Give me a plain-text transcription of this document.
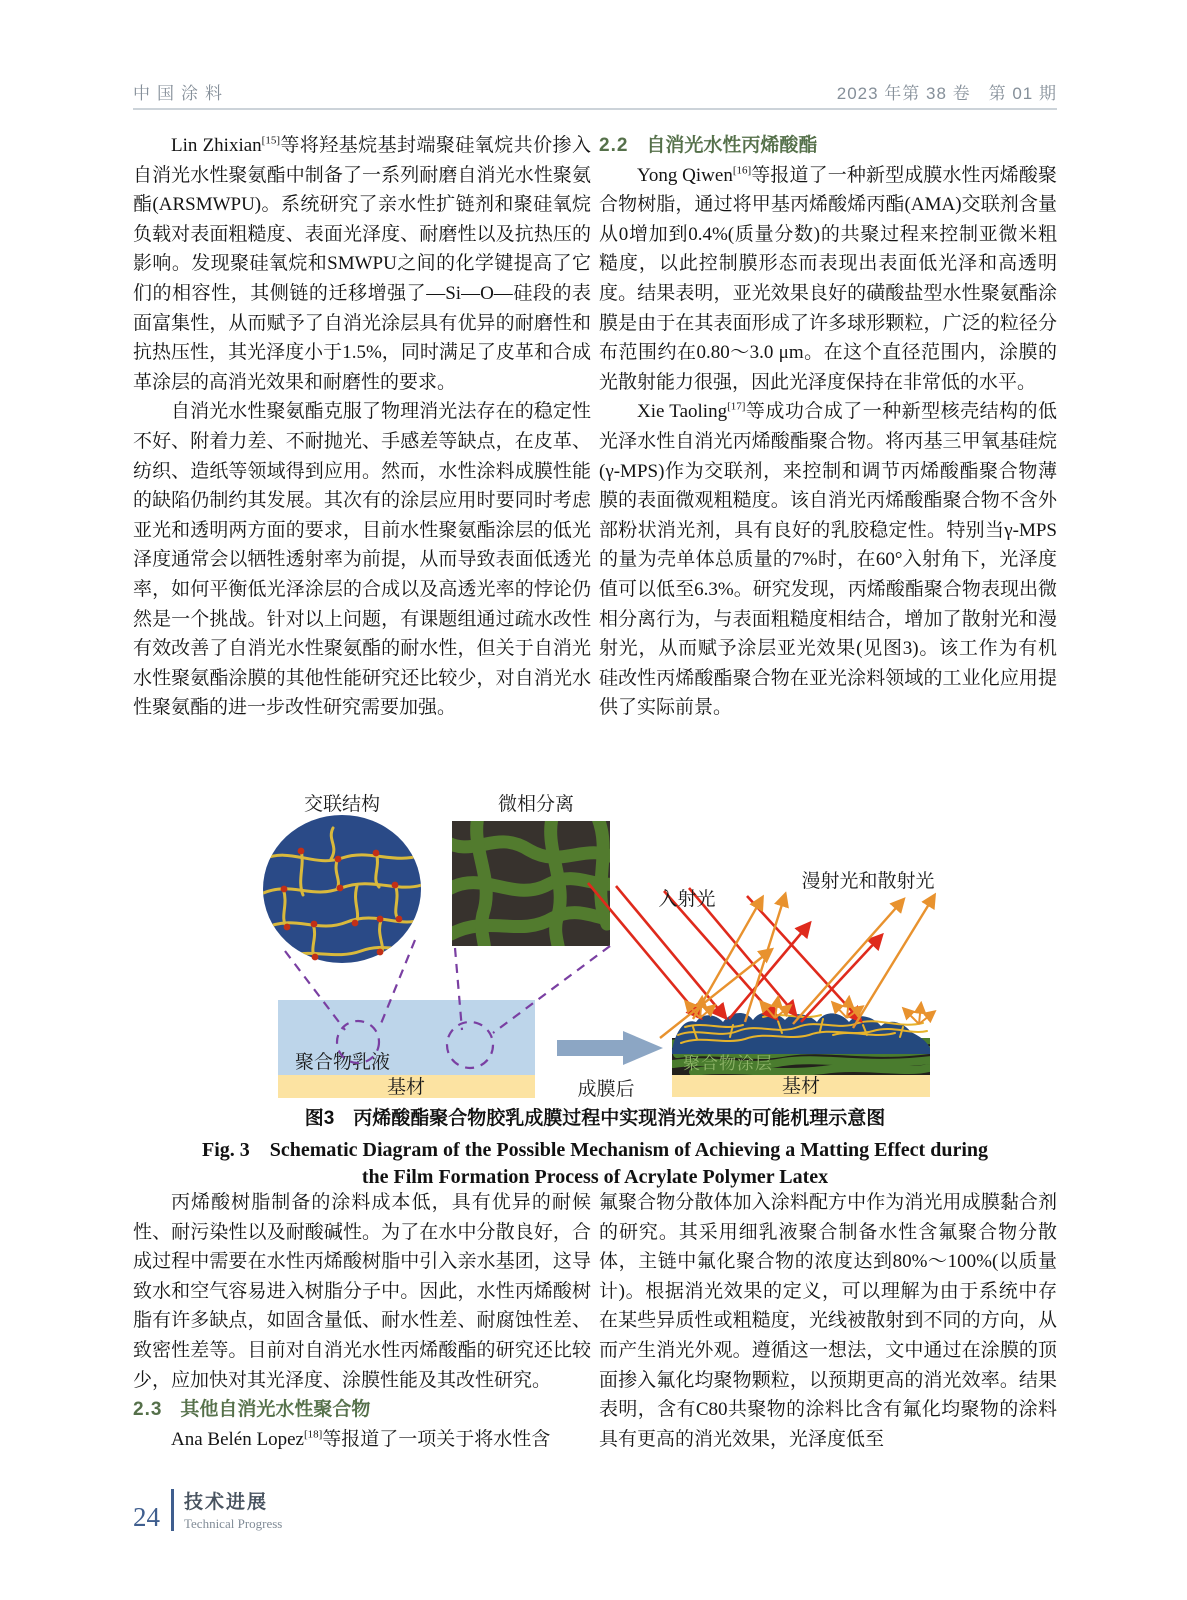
中国涂料	2023 年第 38 卷　第 01 期

Lin Zhixian[15]等将羟基烷基封端聚硅氧烷共价掺入自消光水性聚氨酯中制备了一系列耐磨自消光水性聚氨酯(ARSMWPU)。系统研究了亲水性扩链剂和聚硅氧烷负载对表面粗糙度、表面光泽度、耐磨性以及抗热压的影响。发现聚硅氧烷和SMWPU之间的化学键提高了它们的相容性，其侧链的迁移增强了—Si—O—硅段的表面富集性，从而赋予了自消光涂层具有优异的耐磨性和抗热压性，其光泽度小于1.5%，同时满足了皮革和合成革涂层的高消光效果和耐磨性的要求。

自消光水性聚氨酯克服了物理消光法存在的稳定性不好、附着力差、不耐抛光、手感差等缺点，在皮革、纺织、造纸等领域得到应用。然而，水性涂料成膜性能的缺陷仍制约其发展。其次有的涂层应用时要同时考虑亚光和透明两方面的要求，目前水性聚氨酯涂层的低光泽度通常会以牺牲透射率为前提，从而导致表面低透光率，如何平衡低光泽涂层的合成以及高透光率的悖论仍然是一个挑战。针对以上问题，有课题组通过疏水改性有效改善了自消光水性聚氨酯的耐水性，但关于自消光水性聚氨酯涂膜的其他性能研究还比较少，对自消光水性聚氨酯的进一步改性研究需要加强。

2.2 自消光水性丙烯酸酯

Yong Qiwen[16]等报道了一种新型成膜水性丙烯酸聚合物树脂，通过将甲基丙烯酸烯丙酯(AMA)交联剂含量从0增加到0.4%(质量分数)的共聚过程来控制亚微米粗糙度，以此控制膜形态而表现出表面低光泽和高透明度。结果表明，亚光效果良好的磺酸盐型水性聚氨酯涂膜是由于在其表面形成了许多球形颗粒，广泛的粒径分布范围约在0.80～3.0 μm。在这个直径范围内，涂膜的光散射能力很强，因此光泽度保持在非常低的水平。

Xie Taoling[17]等成功合成了一种新型核壳结构的低光泽水性自消光丙烯酸酯聚合物。将丙基三甲氧基硅烷(γ-MPS)作为交联剂，来控制和调节丙烯酸酯聚合物薄膜的表面微观粗糙度。该自消光丙烯酸酯聚合物不含外部粉状消光剂，具有良好的乳胶稳定性。特别当γ-MPS的量为壳单体总质量的7%时，在60°入射角下，光泽度值可以低至6.3%。研究发现，丙烯酸酯聚合物表现出微相分离行为，与表面粗糙度相结合，增加了散射光和漫射光，从而赋予涂层亚光效果(见图3)。该工作为有机硅改性丙烯酸酯聚合物在亚光涂料领域的工业化应用提供了实际前景。

交联结构	微相分离
聚合物乳液
基材	成膜后
聚合物涂层
基材
入射光
漫射光和散射光
图3　丙烯酸酯聚合物胶乳成膜过程中实现消光效果的可能机理示意图
Fig. 3　Schematic Diagram of the Possible Mechanism of Achieving a Matting Effect during
the Film Formation Process of Acrylate Polymer Latex

丙烯酸树脂制备的涂料成本低，具有优异的耐候性、耐污染性以及耐酸碱性。为了在水中分散良好，合成过程中需要在水性丙烯酸树脂中引入亲水基团，这导致水和空气容易进入树脂分子中。因此，水性丙烯酸树脂有许多缺点，如固含量低、耐水性差、耐腐蚀性差、致密性差等。目前对自消光水性丙烯酸酯的研究还比较少，应加快对其光泽度、涂膜性能及其改性研究。

2.3 其他自消光水性聚合物

Ana Belén Lopez[18]等报道了一项关于将水性含

氟聚合物分散体加入涂料配方中作为消光用成膜黏合剂的研究。其采用细乳液聚合制备水性含氟聚合物分散体，主链中氟化聚合物的浓度达到80%～100%(以质量计)。根据消光效果的定义，可以理解为由于系统中存在某些异质性或粗糙度，光线被散射到不同的方向，从而产生消光外观。遵循这一想法，文中通过在涂膜的顶面掺入氟化均聚物颗粒，以预期更高的消光效率。结果表明，含有C80共聚物的涂料比含有氟化均聚物的涂料具有更高的消光效果，光泽度低至

24 技术进展
Technical Progress
